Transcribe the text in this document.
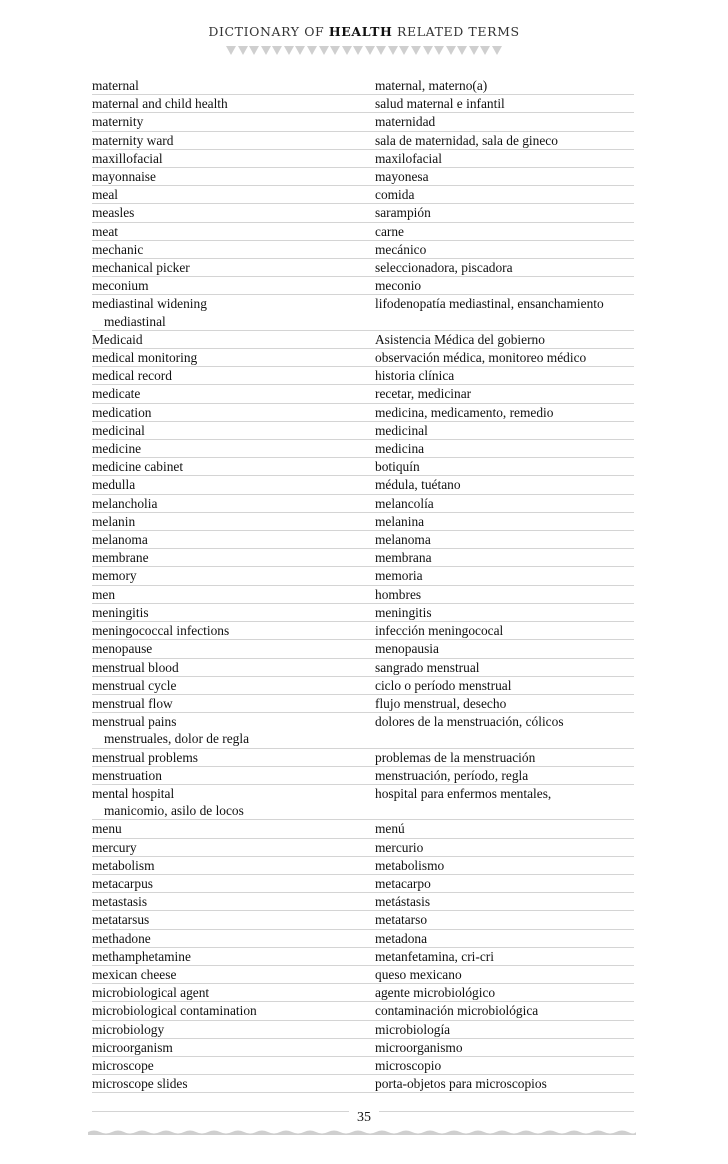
DICTIONARY OF HEALTH RELATED TERMS
maternal	maternal, materno(a)
maternal and child health	salud maternal e infantil
maternity	maternidad
maternity ward	sala de maternidad, sala de gineco
maxillofacial	maxilofacial
mayonnaise	mayonesa
meal	comida
measles	sarampión
meat	carne
mechanic	mecánico
mechanical picker	seleccionadora, piscadora
meconium	meconio
mediastinal widening	lifodenopatía mediastinal, ensanchamiento
mediastinal
Medicaid	Asistencia Médica del gobierno
medical monitoring	observación médica, monitoreo médico
medical record	historia clínica
medicate	recetar, medicinar
medication	medicina, medicamento, remedio
medicinal	medicinal
medicine	medicina
medicine cabinet	botiquín
medulla	médula, tuétano
melancholia	melancolía
melanin	melanina
melanoma	melanoma
membrane	membrana
memory	memoria
men	hombres
meningitis	meningitis
meningococcal infections	infección meningococal
menopause	menopausia
menstrual blood	sangrado menstrual
menstrual cycle	ciclo o período menstrual
menstrual flow	flujo menstrual, desecho
menstrual pains	dolores de la menstruación, cólicos
menstruales, dolor de regla
menstrual problems	problemas de la menstruación
menstruation	menstruación, período, regla
mental hospital	hospital para enfermos mentales,
manicomio, asilo de locos
menu	menú
mercury	mercurio
metabolism	metabolismo
metacarpus	metacarpo
metastasis	metástasis
metatarsus	metatarso
methadone	metadona
methamphetamine	metanfetamina, cri-cri
mexican cheese	queso mexicano
microbiological agent	agente microbiológico
microbiological contamination	contaminación microbiológica
microbiology	microbiología
microorganism	microorganismo
microscope	microscopio
microscope slides	porta-objetos para microscopios
35
